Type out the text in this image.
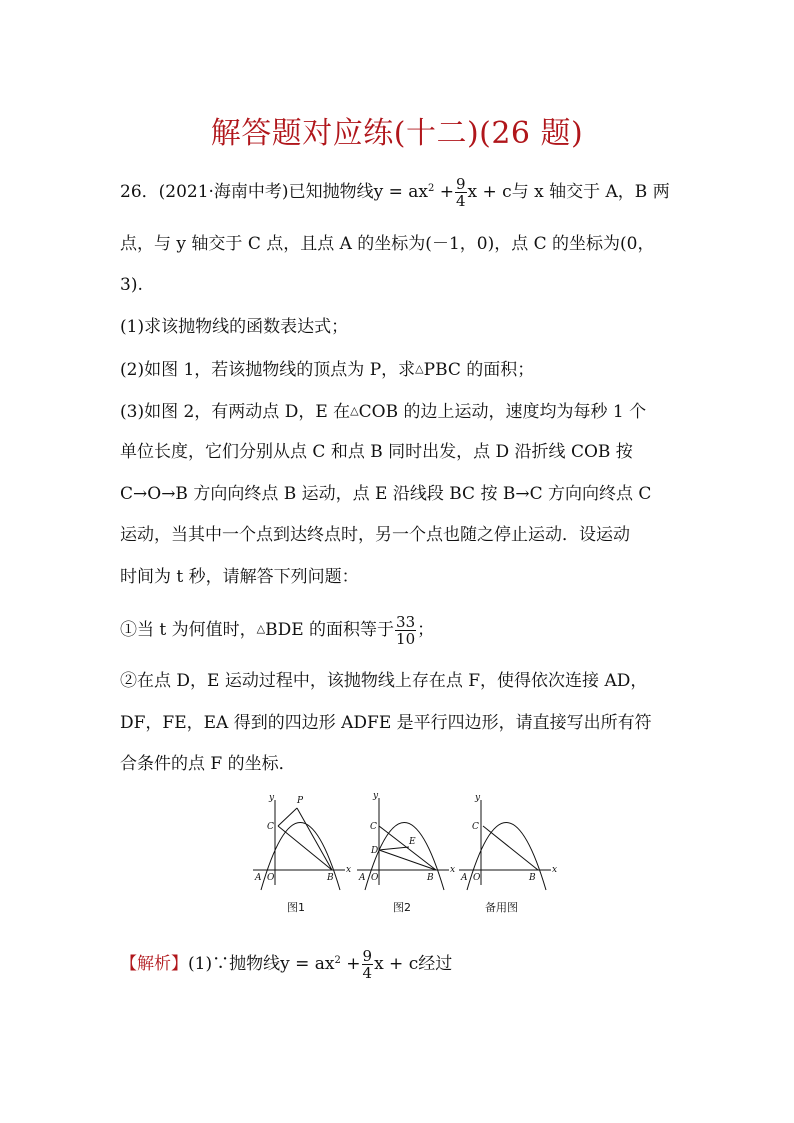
解答题对应练(十二)(26 题)
26．(2021·海南中考)已知抛物线$y = ax^2 + \frac{9}{4}$ x + c与 x 轴交于 A，B 两
点，与 y 轴交于 C 点，且点 A 的坐标为(－1，0)，点 C 的坐标为(0，
3).
(1)求该抛物线的函数表达式；
(2)如图 1，若该抛物线的顶点为 P，求△PBC 的面积；
(3)如图 2，有两动点 D，E 在△COB 的边上运动，速度均为每秒 1 个
单位长度，它们分别从点 C 和点 B 同时出发，点 D 沿折线 COB 按
C→O→B 方向向终点 B 运动，点 E 沿线段 BC 按 B→C 方向向终点 C
运动，当其中一个点到达终点时，另一个点也随之停止运动．设运动
时间为 t 秒，请解答下列问题：
①当 t 为何值时，△BDE 的面积等于 $\frac{33}{10}$ ；
②在点 D，E 运动过程中，该抛物线上存在点 F，使得依次连接 AD，
DF，FE，EA 得到的四边形 ADFE 是平行四边形，请直接写出所有符
合条件的点 F 的坐标．
y
x
A O	B
C
P	y
x
A O	B
C
D
E
y
x
A O	B
C
图1	图2	备用图
【解析】(1)∵抛物线$y = ax^2 + \frac{9}{4}$ x + c经过
